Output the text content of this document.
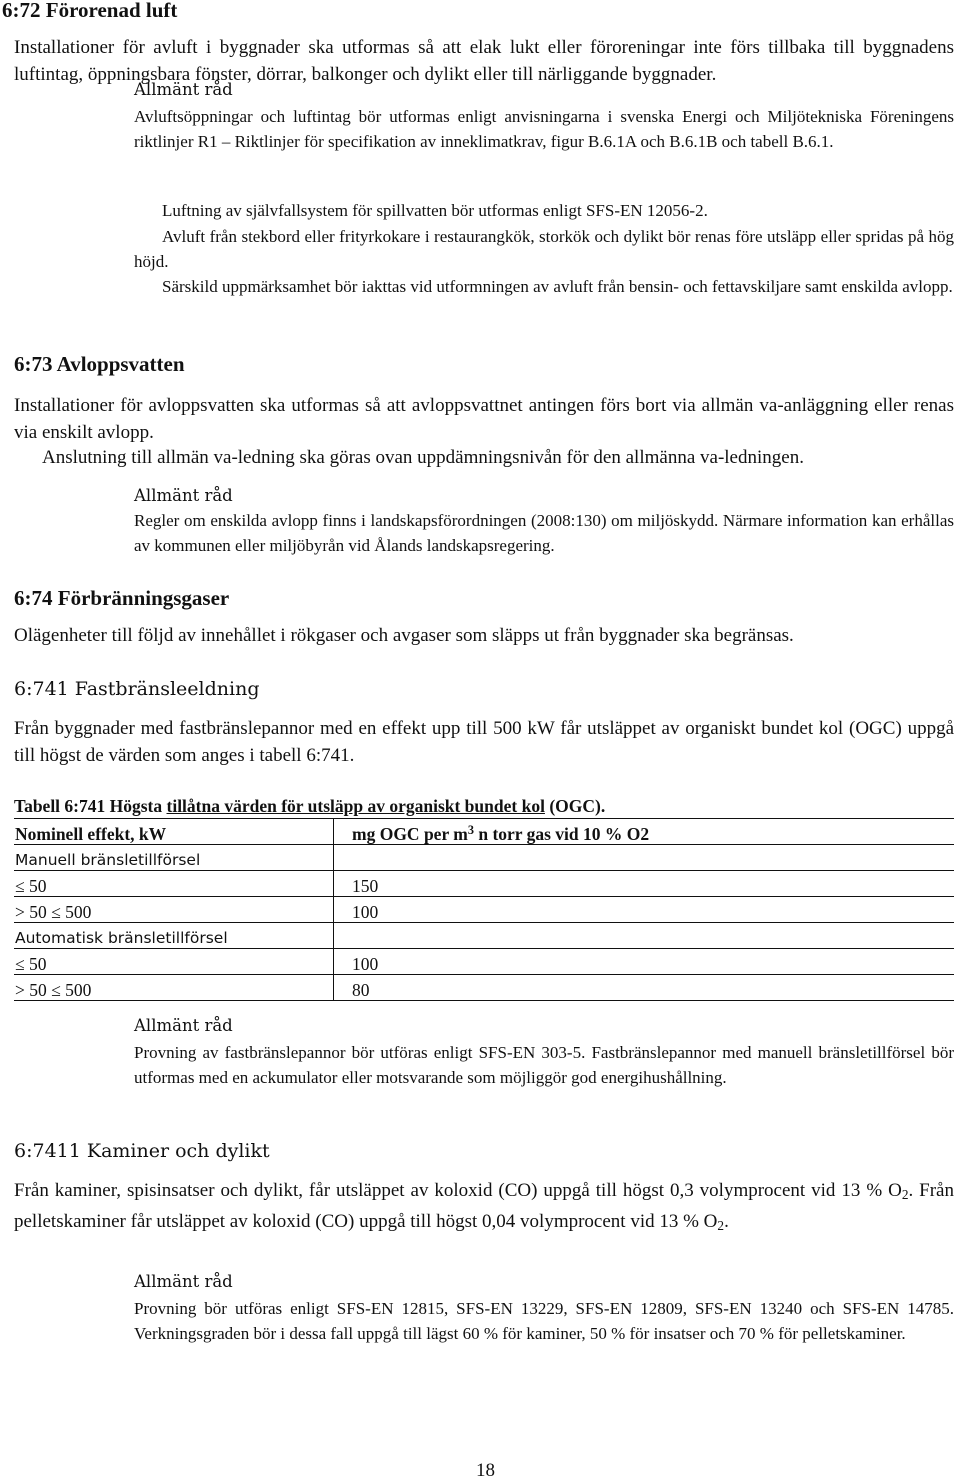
6:72 Förorenad luft
Installationer för avluft i byggnader ska utformas så att elak lukt eller föroreningar inte förs tillbaka till byggnadens luftintag, öppningsbara fönster, dörrar, balkonger och dylikt eller till närliggande byggnader.
Allmänt råd
Avluftsöppningar och luftintag bör utformas enligt anvisningarna i svenska Energi och Miljötekniska Föreningens riktlinjer R1 – Riktlinjer för specifikation av inneklimatkrav, figur B.6.1A och B.6.1B och tabell B.6.1.
Luftning av självfallsystem för spillvatten bör utformas enligt SFS-EN 12056-2.
Avluft från stekbord eller frityrkokare i restaurangkök, storkök och dylikt bör renas före utsläpp eller spridas på hög höjd.
Särskild uppmärksamhet bör iakttas vid utformningen av avluft från bensin- och fettavskiljare samt enskilda avlopp.
6:73 Avloppsvatten
Installationer för avloppsvatten ska utformas så att avloppsvattnet antingen förs bort via allmän va-anläggning eller renas via enskilt avlopp.
Anslutning till allmän va-ledning ska göras ovan uppdämningsnivån för den allmänna va-ledningen.
Allmänt råd
Regler om enskilda avlopp finns i landskapsförordningen (2008:130) om miljöskydd. Närmare information kan erhållas av kommunen eller miljöbyrån vid Ålands landskapsregering.
6:74 Förbränningsgaser
Olägenheter till följd av innehållet i rökgaser och avgaser som släpps ut från byggnader ska begränsas.
6:741 Fastbränsleeldning
Från byggnader med fastbränslepannor med en effekt upp till 500 kW får utsläppet av organiskt bundet kol (OGC) uppgå till högst de värden som anges i tabell 6:741.
Tabell 6:741 Högsta tillåtna värden för utsläpp av organiskt bundet kol (OGC).
Nominell effekt, kW	mg OGC per $m^3$ n torr gas vid 10 % O2
Manuell bränsletillförsel	
≤ 50	150
> 50 ≤ 500	100
Automatisk bränsletillförsel	
≤ 50	100
> 50 ≤ 500	80
Allmänt råd
Provning av fastbränslepannor bör utföras enligt SFS-EN 303-5. Fastbränslepannor med manuell bränsletillförsel bör utformas med en ackumulator eller motsvarande som möjliggör god energihushållning.
6:7411 Kaminer och dylikt
Från kaminer, spisinsatser och dylikt, får utsläppet av koloxid (CO) uppgå till högst 0,3 volymprocent vid 13 % $O_2$. Från pelletskaminer får utsläppet av koloxid (CO) uppgå till högst 0,04 volymprocent vid 13 % $O_2$.
Allmänt råd
Provning bör utföras enligt SFS-EN 12815, SFS-EN 13229, SFS-EN 12809, SFS-EN 13240 och SFS-EN 14785. Verkningsgraden bör i dessa fall uppgå till lägst 60 % för kaminer, 50 % för insatser och 70 % för pelletskaminer.
18
